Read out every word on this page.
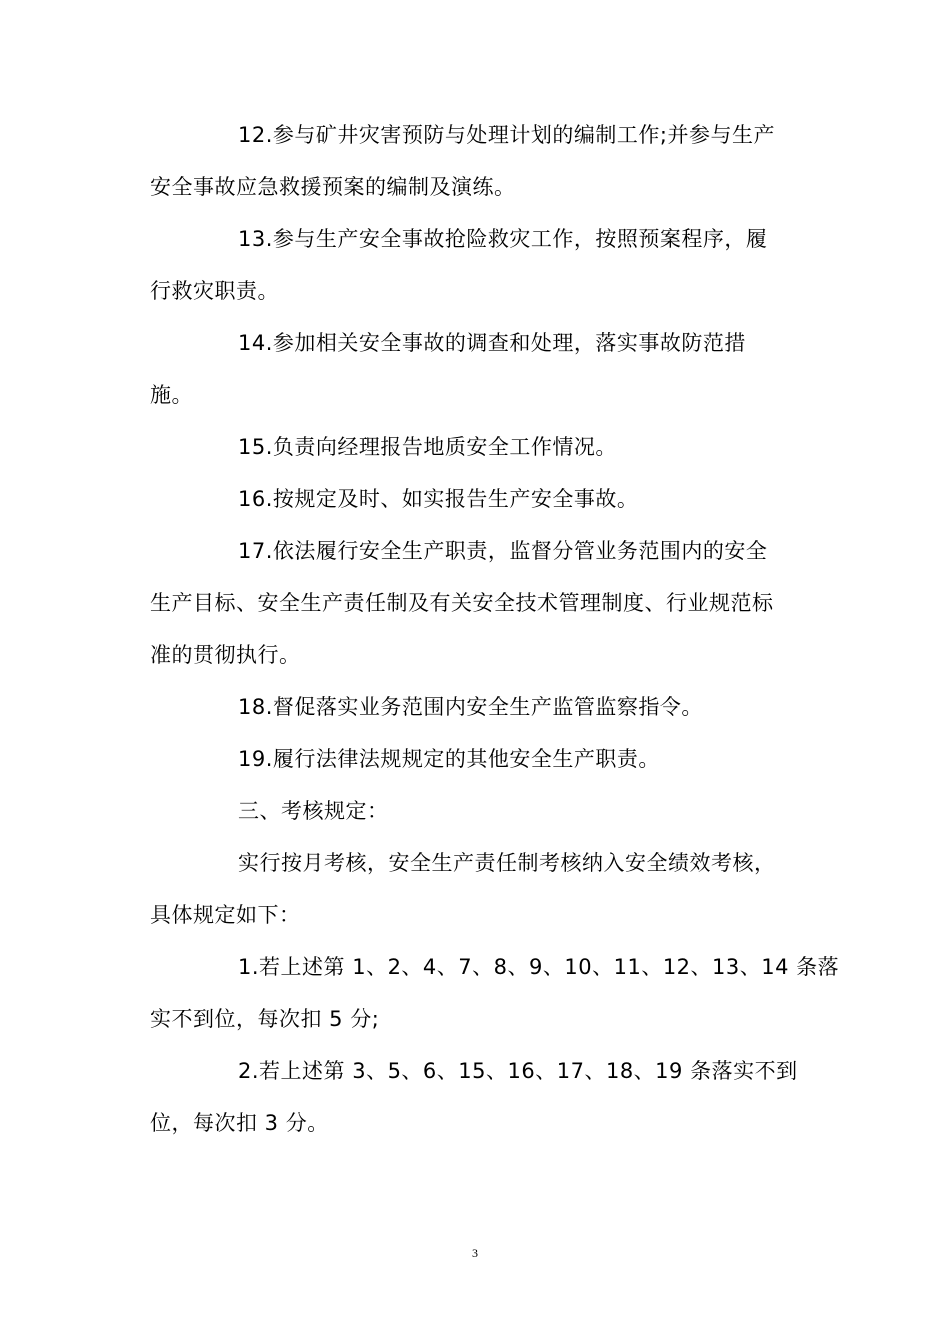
12.参与矿井灾害预防与处理计划的编制工作;并参与生产
安全事故应急救援预案的编制及演练。
13.参与生产安全事故抢险救灾工作，按照预案程序，履
行救灾职责。
14.参加相关安全事故的调查和处理，落实事故防范措
施。
15.负责向经理报告地质安全工作情况。
16.按规定及时、如实报告生产安全事故。
17.依法履行安全生产职责，监督分管业务范围内的安全
生产目标、安全生产责任制及有关安全技术管理制度、行业规范标
准的贯彻执行。
18.督促落实业务范围内安全生产监管监察指令。
19.履行法律法规规定的其他安全生产职责。
三、考核规定：
实行按月考核，安全生产责任制考核纳入安全绩效考核，
具体规定如下：
1.若上述第 1、2、4、7、8、9、10、11、12、13、14 条落
实不到位，每次扣 5 分;
2.若上述第 3、5、6、15、16、17、18、19 条落实不到
位，每次扣 3 分。
3
